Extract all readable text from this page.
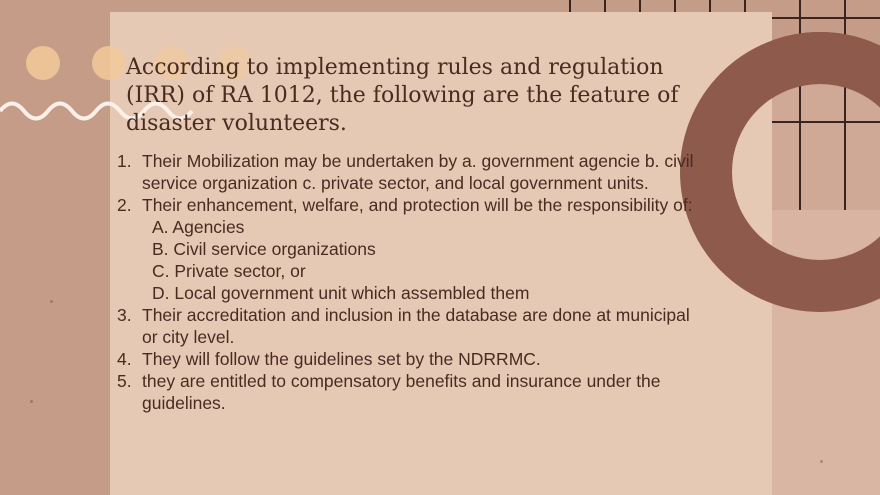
According to implementing rules and regulation (IRR) of RA 1012, the following are the feature of disaster volunteers.
1. Their Mobilization may be undertaken by a. government agencie b. civil service organization c. private sector, and local government units.
2. Their enhancement, welfare, and protection will be the responsibility of:
A. Agencies
B. Civil service organizations
C. Private sector, or
D. Local government unit which assembled them
3. Their accreditation and inclusion in the database are done at municipal or city level.
4. They will follow the guidelines set by the NDRRMC.
5. they are entitled to compensatory benefits and insurance under the guidelines.
